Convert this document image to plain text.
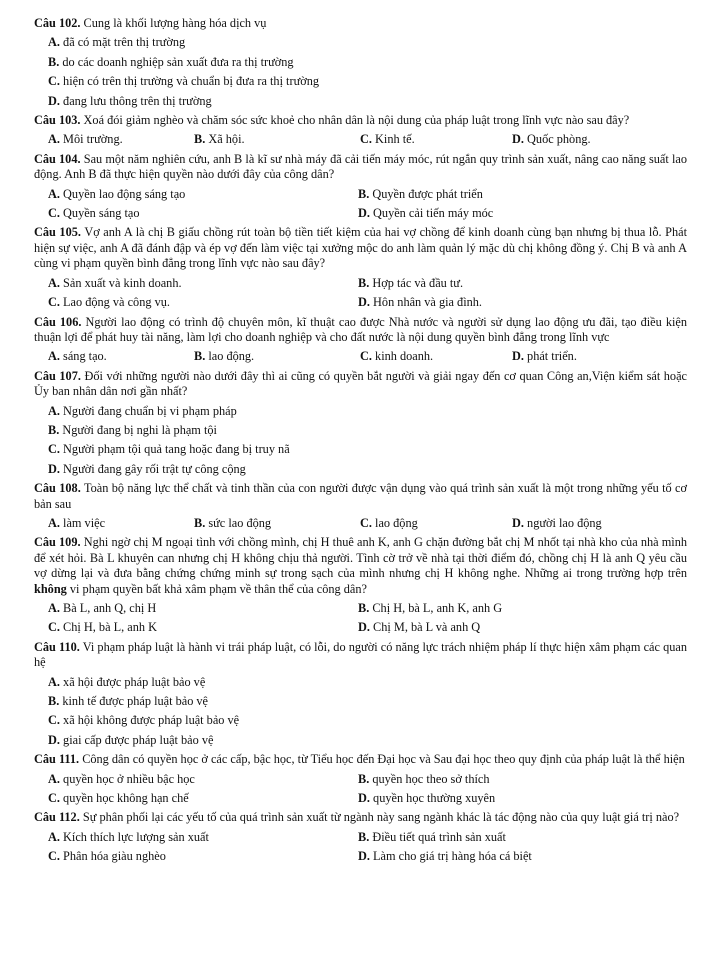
Câu 102. Cung là khối lượng hàng hóa dịch vụ
A. đã có mặt trên thị trường
B. do các doanh nghiệp sản xuất đưa ra thị trường
C. hiện có trên thị trường và chuẩn bị đưa ra thị trường
D. đang lưu thông trên thị trường
Câu 103. Xoá đói giảm nghèo và chăm sóc sức khoẻ cho nhân dân là nội dung của pháp luật trong lĩnh vực nào sau đây?
A. Môi trường.	B. Xã hội.	C. Kinh tế.	D. Quốc phòng.
Câu 104. Sau một năm nghiên cứu, anh B là kĩ sư nhà máy đã cải tiến máy móc, rút ngắn quy trình sản xuất, nâng cao năng suất lao động. Anh B đã thực hiện quyền nào dưới đây của công dân?
A. Quyền lao động sáng tạo	B. Quyền được phát triển
C. Quyền sáng tạo	D. Quyền cải tiến máy móc
Câu 105. Vợ anh A là chị B giấu chồng rút toàn bộ tiền tiết kiệm của hai vợ chồng để kinh doanh cùng bạn nhưng bị thua lỗ. Phát hiện sự việc, anh A đã đánh đập và ép vợ đến làm việc tại xưởng mộc do anh làm quản lý mặc dù chị không đồng ý. Chị B và anh A cùng vi phạm quyền bình đẳng trong lĩnh vực nào sau đây?
A. Sản xuất và kinh doanh.	B. Hợp tác và đầu tư.
C. Lao động và công vụ.	D. Hôn nhân và gia đình.
Câu 106. Người lao động có trình độ chuyên môn, kĩ thuật cao được Nhà nước và người sử dụng lao động ưu đãi, tạo điều kiện thuận lợi để phát huy tài năng, làm lợi cho doanh nghiệp và cho đất nước là nội dung quyền bình đẳng trong lĩnh vực
A. sáng tạo.	B. lao động.	C. kinh doanh.	D. phát triển.
Câu 107. Đối với những người nào dưới đây thì ai cũng có quyền bắt người và giải ngay đến cơ quan Công an,Viện kiểm sát hoặc Ủy ban nhân dân nơi gần nhất?
A. Người đang chuẩn bị vi phạm pháp
B. Người đang bị nghi là phạm tội
C. Người phạm tội quả tang hoặc đang bị truy nã
D. Người đang gây rối trật tự công cộng
Câu 108. Toàn bộ năng lực thể chất và tinh thần của con người được vận dụng vào quá trình sản xuất là một trong những yếu tố cơ bản sau
A. làm việc	B. sức lao động	C. lao động	D. người lao động
Câu 109. Nghi ngờ chị M ngoại tình với chồng mình, chị H thuê anh K, anh G chặn đường bắt chị M nhốt tại nhà kho của nhà mình để xét hỏi. Bà L khuyên can nhưng chị H không chịu thả người. Tình cờ trở về nhà tại thời điểm đó, chồng chị H là anh Q yêu cầu vợ dừng lại và đưa bằng chứng chứng minh sự trong sạch của mình nhưng chị H không nghe. Những ai trong trường hợp trên không vi phạm quyền bất khả xâm phạm về thân thể của công dân?
A. Bà L, anh Q, chị H	B. Chị H, bà L, anh K, anh G
C. Chị H, bà L, anh K	D. Chị M, bà L và anh Q
Câu 110. Vi phạm pháp luật là hành vi trái pháp luật, có lỗi, do người có năng lực trách nhiệm pháp lí thực hiện xâm phạm các quan hệ
A. xã hội được pháp luật bảo vệ
B. kinh tế được pháp luật bảo vệ
C. xã hội không được pháp luật bảo vệ
D. giai cấp được pháp luật bảo vệ
Câu 111. Công dân có quyền học ở các cấp, bậc học, từ Tiểu học đến Đại học và Sau đại học theo quy định của pháp luật là thể hiện
A. quyền học ở nhiều bậc học	B. quyền học theo sở thích
C. quyền học không hạn chế	D. quyền học thường xuyên
Câu 112. Sự phân phối lại các yếu tố của quá trình sản xuất từ ngành này sang ngành khác là tác động nào của quy luật giá trị nào?
A. Kích thích lực lượng sản xuất	B. Điều tiết quá trình sản xuất
C. Phân hóa giàu nghèo	D. Làm cho giá trị hàng hóa cá biệt
